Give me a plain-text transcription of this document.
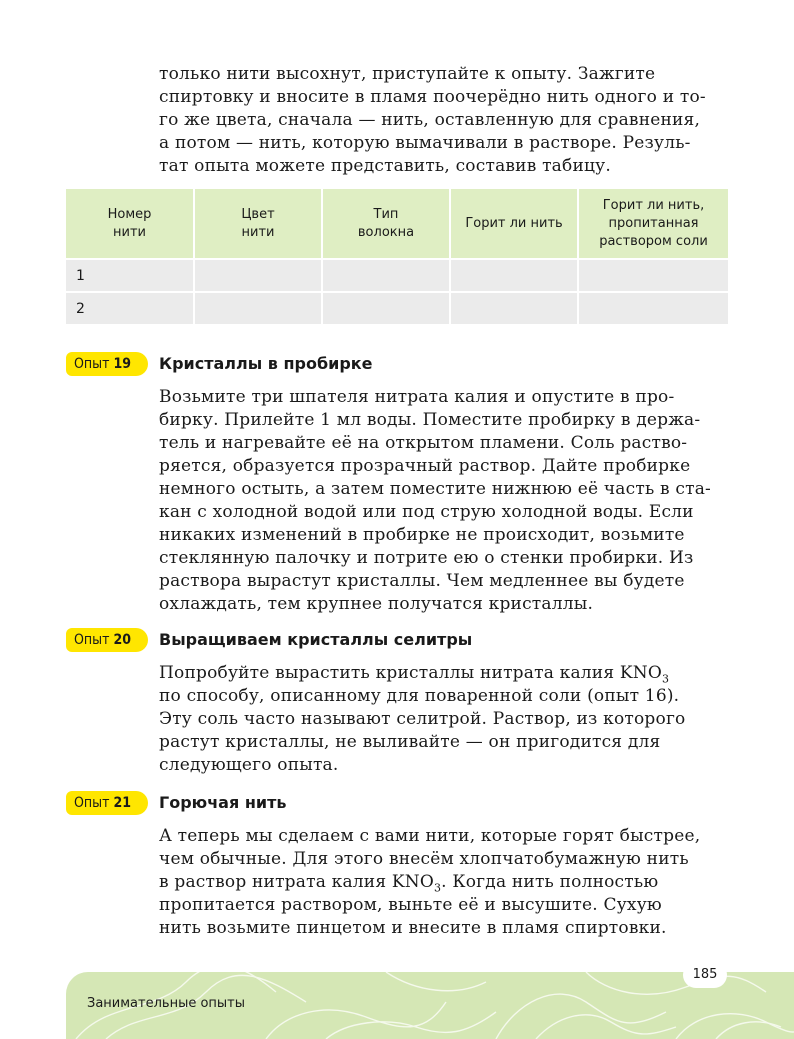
только нити высохнут, приступайте к опыту. Зажгите
спиртовку и вносите в пламя поочерёдно нить одного и то-
го же цвета, сначала — нить, оставленную для сравнения,
а потом — нить, которую вымачивали в растворе. Резуль-
тат опыта можете представить, составив табицу.
Номер нити	Цвет нити	Тип волокна	Горит ли нить	Горит ли нить, пропитанная раствором соли
1				
2				
Опыт 19	Кристаллы в пробирке
Возьмите три шпателя нитрата калия и опустите в про-
бирку. Прилейте 1 мл воды. Поместите пробирку в держа-
тель и нагревайте её на открытом пламени. Соль раство-
ряется, образуется прозрачный раствор. Дайте пробирке
немного остыть, а затем поместите нижнюю её часть в ста-
кан с холодной водой или под струю холодной воды. Если
никаких изменений в пробирке не происходит, возьмите
стеклянную палочку и потрите ею о стенки пробирки. Из
раствора вырастут кристаллы. Чем медленнее вы будете
охлаждать, тем крупнее получатся кристаллы.
Опыт 20	Выращиваем кристаллы селитры
Попробуйте вырастить кристаллы нитрата калия $KNO_3$
по способу, описанному для поваренной соли (опыт 16).
Эту соль часто называют селитрой. Раствор, из которого
растут кристаллы, не выливайте — он пригодится для
следующего опыта.
Опыт 21	Горючая нить
А теперь мы сделаем с вами нити, которые горят быстрее,
чем обычные. Для этого внесём хлопчатобумажную нить
в раствор нитрата калия $KNO_3$. Когда нить полностью
пропитается раствором, выньте её и высушите. Сухую
нить возьмите пинцетом и внесите в пламя спиртовки.
Занимательные опыты
185
